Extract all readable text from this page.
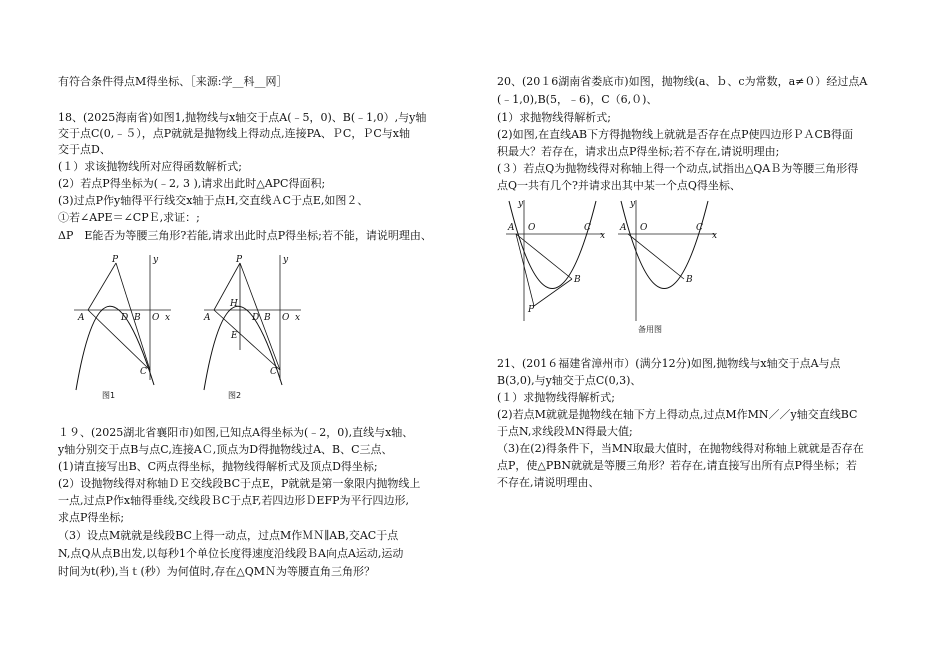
有符合条件得点M得坐标、［来源:学__科__网］
18、(2025海南省)如图1,抛物线与x轴交于点A(﹣5，0)、B(﹣1,0）,与y轴
交于点C(0,﹣５），点P就就是抛物线上得动点,连接PA、ＰC，ＰC与x轴
交于点D、
(１）求该抛物线所对应得函数解析式;
(2）若点P得坐标为(﹣2, 3 ),请求出此时△APC得面积;
(3)过点P作y轴得平行线交x轴于点H,交直线ＡC于点E,如图２、
①若∠APE＝∠CPＥ,求证：;
ΔP　E能否为等腰三角形?若能,请求出此时点P得坐标;若不能，请说明理由、
P
A	D B O x
C
y
图1
P
H
A	D B O x
E
C
y
图2
１９、(2025湖北省襄阳市)如图,已知点A得坐标为(﹣2，0),直线与x轴、
y轴分别交于点B与点C,连接AＣ,顶点为D得抛物线过A、B、C三点、
(1)请直接写出B、C两点得坐标，抛物线得解析式及顶点D得坐标;
(2）设抛物线得对称轴ＤＥ交线段BC于点E，P就就是第一象限内抛物线上
一点,过点P作x轴得垂线,交线段ＢC于点F,若四边形ＤEFP为平行四边形,
求点P得坐标;
（3）设点M就就是线段BC上得一动点，过点M作ＭＮ∥AB,交AC于点
N,点Q从点B出发,以每秒1个单位长度得速度沿线段ＢA向点A运动,运动
时间为t(秒),当ｔ(秒）为何值时,存在△QMＮ为等腰直角三角形？
20、(20１6湖南省娄底市)如图，抛物线(a、ｂ、c为常数，a≠０）经过点A
(﹣1,0),B(5，﹣6)，C（6,０)、
(1）求抛物线得解析式;
(2)如图,在直线AB下方得抛物线上就就是否存在点P使四边形ＰＡCB得面
积最大？若存在，请求出点P得坐标;若不存在,请说明理由;
(３）若点Q为抛物线得对称轴上得一个动点,试指出△QAＢ为等腰三角形得
点Q一共有几个?并请求出其中某一个点Q得坐标、
y
A O	C
x
B
P
y
A O	C
x
B
备用图
21、(201６福建省漳州市）(满分12分)如图,抛物线与x轴交于点A与点
B(3,0),与y轴交于点C(0,3)、
(１）求抛物线得解析式;
(2)若点M就就是抛物线在轴下方上得动点,过点M作MN／／y轴交直线BC
于点N,求线段ＭN得最大值;
（3)在(2)得条件下，当MN取最大值时，在抛物线得对称轴上就就是否存在
点P，使△PBN就就是等腰三角形？若存在,请直接写出所有点P得坐标；若
不存在,请说明理由、
